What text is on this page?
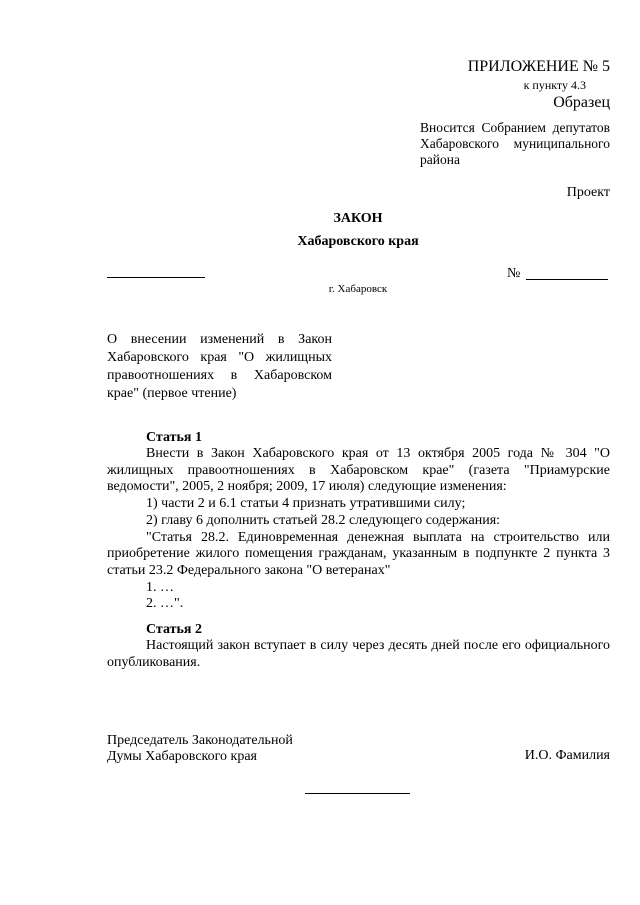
ПРИЛОЖЕНИЕ № 5
к пункту 4.3
Образец
Вносится Собранием депутатов Хабаровского муниципального района
Проект
ЗАКОН
Хабаровского края
№
г. Хабаровск
О внесении изменений в Закон Хабаровского края "О жилищных правоотношениях в Хабаровском крае" (первое чтение)
Статья 1

Внести в Закон Хабаровского края от 13 октября 2005 года № 304 "О жилищных правоотношениях в Хабаровском крае" (газета "Приамурские ведомости", 2005, 2 ноября; 2009, 17 июля) следующие изменения:

1) части 2 и 6.1 статьи 4 признать утратившими силу;

2) главу 6 дополнить статьей 28.2 следующего содержания:

"Статья 28.2. Единовременная денежная выплата на строительство или приобретение жилого помещения гражданам, указанным в подпункте 2 пункта 3 статьи 23.2 Федерального закона "О ветеранах"

1. …

2. …".

Статья 2

Настоящий закон вступает в силу через десять дней после его официального опубликования.

Председатель Законодательной
Думы Хабаровского края	И.О. Фамилия
